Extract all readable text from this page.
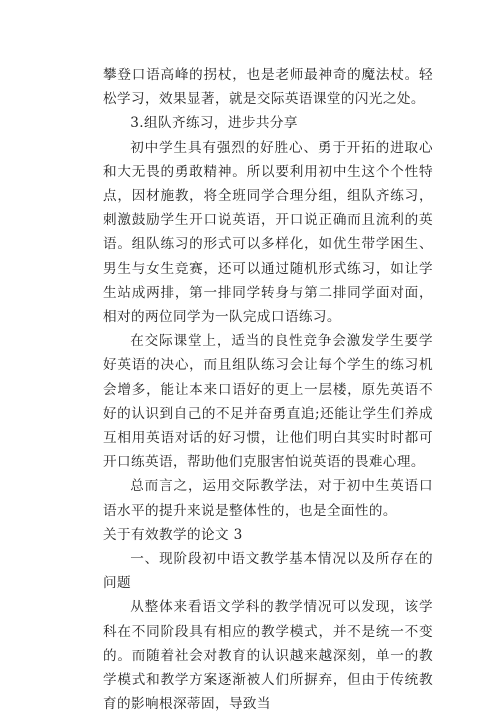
攀登口语高峰的拐杖，也是老师最神奇的魔法杖。轻松学习，效果显著，就是交际英语课堂的闪光之处。

3.组队齐练习，进步共分享

初中学生具有强烈的好胜心、勇于开拓的进取心和大无畏的勇敢精神。所以要利用初中生这个个性特点，因材施教，将全班同学合理分组，组队齐练习，刺激鼓励学生开口说英语，开口说正确而且流利的英语。组队练习的形式可以多样化，如优生带学困生、男生与女生竞赛，还可以通过随机形式练习，如让学生站成两排，第一排同学转身与第二排同学面对面，相对的两位同学为一队完成口语练习。

在交际课堂上，适当的良性竞争会激发学生要学好英语的决心，而且组队练习会让每个学生的练习机会增多，能让本来口语好的更上一层楼，原先英语不好的认识到自己的不足并奋勇直追;还能让学生们养成互相用英语对话的好习惯，让他们明白其实时时都可开口练英语，帮助他们克服害怕说英语的畏难心理。

总而言之，运用交际教学法，对于初中生英语口语水平的提升来说是整体性的，也是全面性的。

关于有效教学的论文 3

一、现阶段初中语文教学基本情况以及所存在的问题

从整体来看语文学科的教学情况可以发现，该学科在不同阶段具有相应的教学模式，并不是统一不变的。而随着社会对教育的认识越来越深刻，单一的教学模式和教学方案逐渐被人们所摒弃，但由于传统教育的影响根深蒂固，导致当
